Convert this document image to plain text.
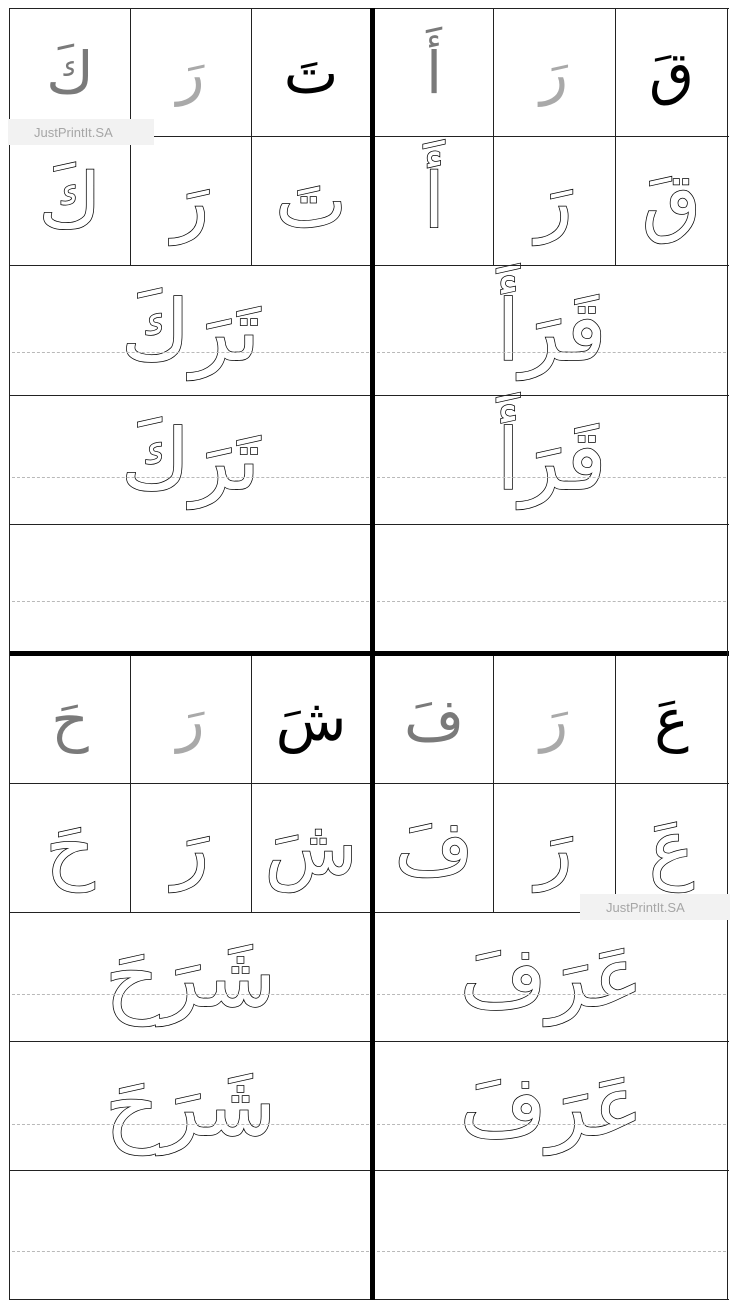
كَ	رَ	تَ
كَ رَ تَ
تَرَكَ
تَرَكَ
أَ	رَ	قَ
أَ	رَ قَ
قَرَأَ
قَرَأَ
حَ	رَ	شَ
حَ	رَ شَ
شَرَحَ
شَرَحَ
فَ	رَ	عَ
فَ رَ	عَ
عَرَفَ
عَرَفَ
JustPrintIt.SA
JustPrintIt.SA
